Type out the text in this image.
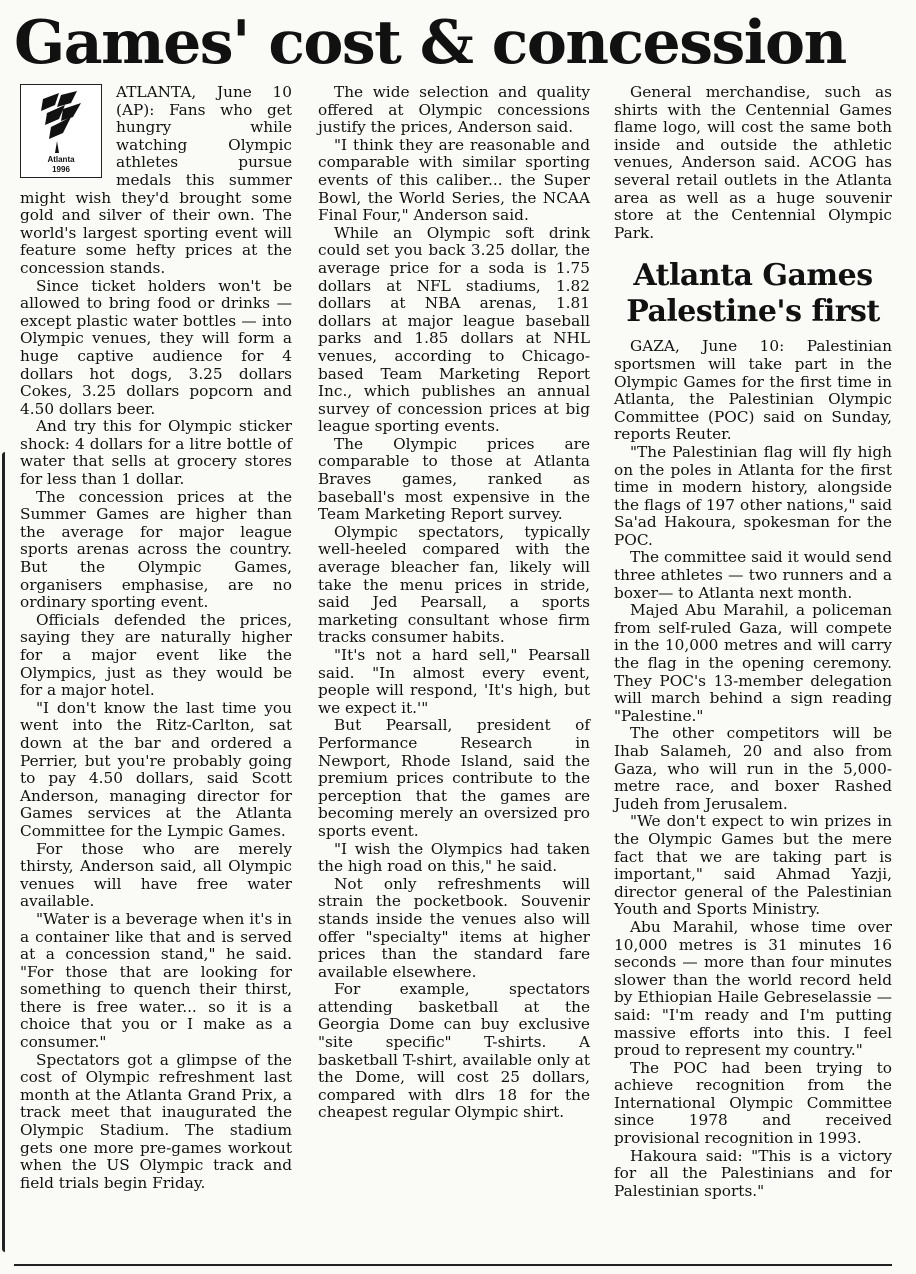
Games' cost & concession
Atlanta
1996

ATLANTA, June 10 (AP): Fans who get hungry while watching Olympic athletes pursue medals this summer might wish they'd brought some gold and silver of their own. The world's largest sporting event will feature some hefty prices at the concession stands.

Since ticket holders won't be allowed to bring food or drinks — except plastic water bottles — into Olympic venues, they will form a huge captive audience for 4 dollars hot dogs, 3.25 dollars Cokes, 3.25 dollars popcorn and 4.50 dollars beer.

And try this for Olympic sticker shock: 4 dollars for a litre bottle of water that sells at grocery stores for less than 1 dollar.

The concession prices at the Summer Games are higher than the average for major league sports arenas across the country. But the Olympic Games, organisers emphasise, are no ordinary sporting event.

Officials defended the prices, saying they are naturally higher for a major event like the Olympics, just as they would be for a major hotel.

"I don't know the last time you went into the Ritz-Carlton, sat down at the bar and ordered a Perrier, but you're probably going to pay 4.50 dollars, said Scott Anderson, managing director for Games services at the Atlanta Committee for the Lympic Games.

For those who are merely thirsty, Anderson said, all Olympic venues will have free water available.

"Water is a beverage when it's in a container like that and is served at a concession stand," he said. "For those that are looking for something to quench their thirst, there is free water... so it is a choice that you or I make as a consumer."

Spectators got a glimpse of the cost of Olympic refreshment last month at the Atlanta Grand Prix, a track meet that inaugurated the Olympic Stadium. The stadium gets one more pre-games workout when the US Olympic track and field trials begin Friday.

The wide selection and quality offered at Olympic concessions justify the prices, Anderson said.

"I think they are reasonable and comparable with similar sporting events of this caliber... the Super Bowl, the World Series, the NCAA Final Four," Anderson said.

While an Olympic soft drink could set you back 3.25 dollar, the average price for a soda is 1.75 dollars at NFL stadiums, 1.82 dollars at NBA arenas, 1.81 dollars at major league baseball parks and 1.85 dollars at NHL venues, according to Chicago-based Team Marketing Report Inc., which publishes an annual survey of concession prices at big league sporting events.

The Olympic prices are comparable to those at Atlanta Braves games, ranked as baseball's most expensive in the Team Marketing Report survey.

Olympic spectators, typically well-heeled compared with the average bleacher fan, likely will take the menu prices in stride, said Jed Pearsall, a sports marketing consultant whose firm tracks consumer habits.

"It's not a hard sell," Pearsall said. "In almost every event, people will respond, 'It's high, but we expect it.'"

But Pearsall, president of Performance Research in Newport, Rhode Island, said the premium prices contribute to the perception that the games are becoming merely an oversized pro sports event.

"I wish the Olympics had taken the high road on this," he said.

Not only refreshments will strain the pocketbook. Souvenir stands inside the venues also will offer "specialty" items at higher prices than the standard fare available elsewhere.

For example, spectators attending basketball at the Georgia Dome can buy exclusive "site specific" T-shirts. A basketball T-shirt, available only at the Dome, will cost 25 dollars, compared with dlrs 18 for the cheapest regular Olympic shirt.

General merchandise, such as shirts with the Centennial Games flame logo, will cost the same both inside and outside the athletic venues, Anderson said. ACOG has several retail outlets in the Atlanta area as well as a huge souvenir store at the Centennial Olympic Park.

Atlanta Games Palestine's first

GAZA, June 10: Palestinian sportsmen will take part in the Olympic Games for the first time in Atlanta, the Palestinian Olympic Committee (POC) said on Sunday, reports Reuter.

"The Palestinian flag will fly high on the poles in Atlanta for the first time in modern history, alongside the flags of 197 other nations," said Sa'ad Hakoura, spokesman for the POC.

The committee said it would send three athletes — two runners and a boxer— to Atlanta next month.

Majed Abu Marahil, a policeman from self-ruled Gaza, will compete in the 10,000 metres and will carry the flag in the opening ceremony. They POC's 13-member delegation will march behind a sign reading "Palestine."

The other competitors will be Ihab Salameh, 20 and also from Gaza, who will run in the 5,000-metre race, and boxer Rashed Judeh from Jerusalem.

"We don't expect to win prizes in the Olympic Games but the mere fact that we are taking part is important," said Ahmad Yazji, director general of the Palestinian Youth and Sports Ministry.

Abu Marahil, whose time over 10,000 metres is 31 minutes 16 seconds — more than four minutes slower than the world record held by Ethiopian Haile Gebreselassie — said: "I'm ready and I'm putting massive efforts into this. I feel proud to represent my country."

The POC had been trying to achieve recognition from the International Olympic Committee since 1978 and received provisional recognition in 1993.

Hakoura said: "This is a victory for all the Palestinians and for Palestinian sports."
